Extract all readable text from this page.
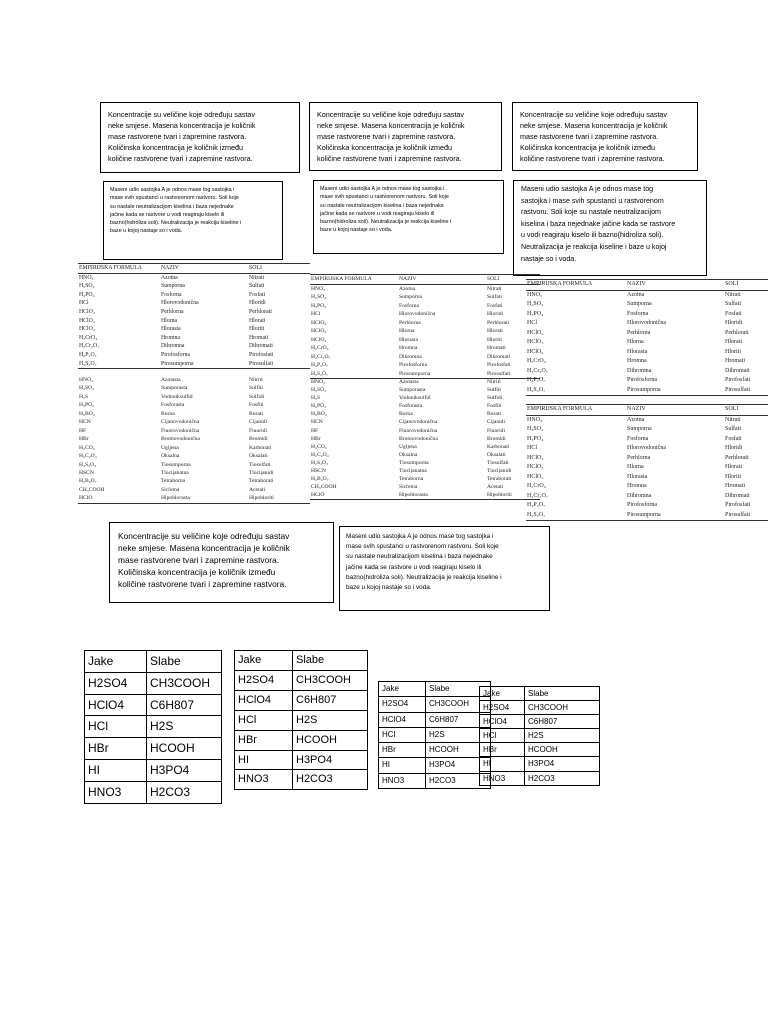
Koncentracije su veličine koje određuju sastav
neke smjese. Masena koncentracija je količnik
mase rastvorene tvari i zapremine rastvora.
Količinska koncentracija je količnik između
količine rastvorene tvari i zapremine rastvora.

Koncentracije su veličine koje određuju sastav
neke smjese. Masena koncentracija je količnik
mase rastvorene tvari i zapremine rastvora.
Količinska koncentracija je količnik između
količine rastvorene tvari i zapremine rastvora.

Koncentracije su veličine koje određuju sastav
neke smjese. Masena koncentracija je količnik
mase rastvorene tvari i zapremine rastvora.
Količinska koncentracija je količnik između
količine rastvorene tvari i zapremine rastvora.

Maseni udio sastojka A je odnos mase tog sastojka i
mase svih spustanci u rastvorenom rastvoru. Soli koje
su nastale neutralizacijom kiselina i baza nejednake
jačine kada se rastvore u vodi reagiraju kiselo ili
bazno(hidroliza soli). Neutralizacija je reakcija kiseline i
baze u kojoj nastaje so i voda.

Maseni udio sastojka A je odnos mase tog sastojka i
mase svih spustanci u rastvorenom rastvoru. Soli koje
su nastale neutralizacijom kiselina i baza nejednake
jačine kada se rastvore u vodi reagiraju kiselo ili
bazno(hidroliza soli). Neutralizacija je reakcija kiseline i
baze u kojoj nastaje so i voda.

Maseni udio sastojka A je odnos mase tog
sastojka i mase svih spustanci u rastvorenom
rastvoru. Soli koje su nastale neutralizacijom
kiselina i baza nejednake jačine kada se rastvore
u vodi reagiraju kiselo ili bazno(hidroliza soli).
Neutralizacija je reakcija kiseline i baze u kojoj
nastaje so i voda.

EMPIRIJSKA FORMULA	NAZIV	SOLI
HNO₃	Azotna	Nitrati
H₂SO₄	Sumporna	Sulfati
H₃PO₄	Fosforna	Fosfati
HCl	Hlorovodonična	Hloridi
HClO₄	Perhlorna	Perhlorati
HClO₃	Hlorna	Hlorati
HClO₂	Hlorasta	Hloriti
H₂CrO₄	Hromna	Hromati
H₂Cr₂O₇	Dihromna	Dihromati
H₄P₂O₇	Pirofosforna	Pirofosfati
H₂S₂O₇	Pirosumporna	Pirosulfati
HNO₂	Azotasta	Nitriti
H₂SO₃	Sumporasta	Sulfiti
H₂S	Vodoniksulfid	Sulfidi
H₃PO₃	Fosforasta	Fosfiti
H₃BO₃	Borna	Borati
HCN	Cijanovodonična	Cijanidi
HF	Fluorovodonična	Fluoridi
HBr	Bromovodonična	Bromidi
H₂CO₃	Ugljena	Karbonati
H₂C₂O₄	Oksalna	Oksalati
H₂S₂O₃	Tiosumporna	Tiosulfati
HSCN	Tiocijanatna	Tiocijanidi
H₂B₄O₇	Tetraborna	Tetraborati
CH₃COOH	Sirćetna	Acetati
HClO	Hipohlorasta	Hipohloriti
EMPIRIJSKA FORMULA	NAZIV	SOLI
HNO₃	Azotna	Nitrati
H₂SO₄	Sumporna	Sulfati
H₃PO₄	Fosforna	Fosfati
HCl	Hlorovodonična	Hloridi
HClO₄	Perhlorna	Perhlorati
HClO₃	Hlorna	Hlorati
HClO₂	Hlorasta	Hloriti
H₂CrO₄	Hromna	Hromati
H₂Cr₂O₇	Dihromna	Dihromati
H₄P₂O₇	Pirofosforna	Pirofosfati
H₂S₂O₇	Pirosumporna	Pirosulfati
HNO₂	Azotasta	Nitriti
H₂SO₃	Sumporasta	Sulfiti
H₂S	Vodoniksulfid	Sulfidi
H₃PO₃	Fosforasta	Fosfiti
H₃BO₃	Borna	Borati
HCN	Cijanovodonična	Cijanidi
HF	Fluorovodonična	Fluoridi
HBr	Bromovodonična	Bromidi
H₂CO₃	Ugljena	Karbonati
H₂C₂O₄	Oksalna	Oksalati
H₂S₂O₃	Tiosumporna	Tiosulfati
HSCN	Tiocijanatna	Tiocijanidi
H₂B₄O₇	Tetraborna	Tetraborati
CH₃COOH	Sirćetna	Acetati
HClO	Hipohlorasta	Hipohloriti
EMPIRIJSKA FORMULA	NAZIV	SOLI
HNO₃	Azotna	Nitrati
H₂SO₄	Sumporna	Sulfati
H₃PO₄	Fosforna	Fosfati
HCl	Hlorovodonična	Hloridi
HClO₄	Perhlorna	Perhlorati
HClO₃	Hlorna	Hlorati
HClO₂	Hlorasta	Hloriti
H₂CrO₄	Hromna	Hromati
H₂Cr₂O₇	Dihromna	Dihromati
H₄P₂O₇	Pirofosforna	Pirofosfati
H₂S₂O₇	Pirosumporna	Pirosulfati
EMPIRIJSKA FORMULA	NAZIV	SOLI
HNO₃	Azotna	Nitrati
H₂SO₄	Sumporna	Sulfati
H₃PO₄	Fosforna	Fosfati
HCl	Hlorovodonična	Hloridi
HClO₄	Perhlorna	Perhlorati
HClO₃	Hlorna	Hlorati
HClO₂	Hlorasta	Hloriti
H₂CrO₄	Hromna	Hromati
H₂Cr₂O₇	Dihromna	Dihromati
H₄P₂O₇	Pirofosforna	Pirofosfati
H₂S₂O₇	Pirosumporna	Pirosulfati

Koncentracije su veličine koje određuju sastav
neke smjese. Masena koncentracija je količnik
mase rastvorene tvari i zapremine rastvora.
Količinska koncentracija je količnik između
količine rastvorene tvari i zapremine rastvora.

Maseni udio sastojka A je odnos mase tog sastojka i
mase svih spustanci u rastvorenom rastvoru. Soli koje
su nastale neutralizacijom kiselina i baza nejednake
jačine kada se rastvore u vodi reagiraju kiselo ili
bazno(hidroliza soli). Neutralizacija je reakcija kiseline i
baze u kojoj nastaje so i voda.

Jake	Slabe
H2SO4	CH3COOH
HClO4	C6H807
HCl	H2S
HBr	HCOOH
HI	H3PO4
HNO3	H2CO3
Jake	Slabe
H2SO4	CH3COOH
HClO4	C6H807
HCl	H2S
HBr	HCOOH
HI	H3PO4
HNO3	H2CO3
Jake	Slabe
H2SO4	CH3COOH
HClO4	C6H807
HCl	H2S
HBr	HCOOH
HI	H3PO4
HNO3	H2CO3
Jake	Slabe
H2SO4	CH3COOH
HClO4	C6H807
HCl	H2S
HBr	HCOOH
HI	H3PO4
HNO3	H2CO3
